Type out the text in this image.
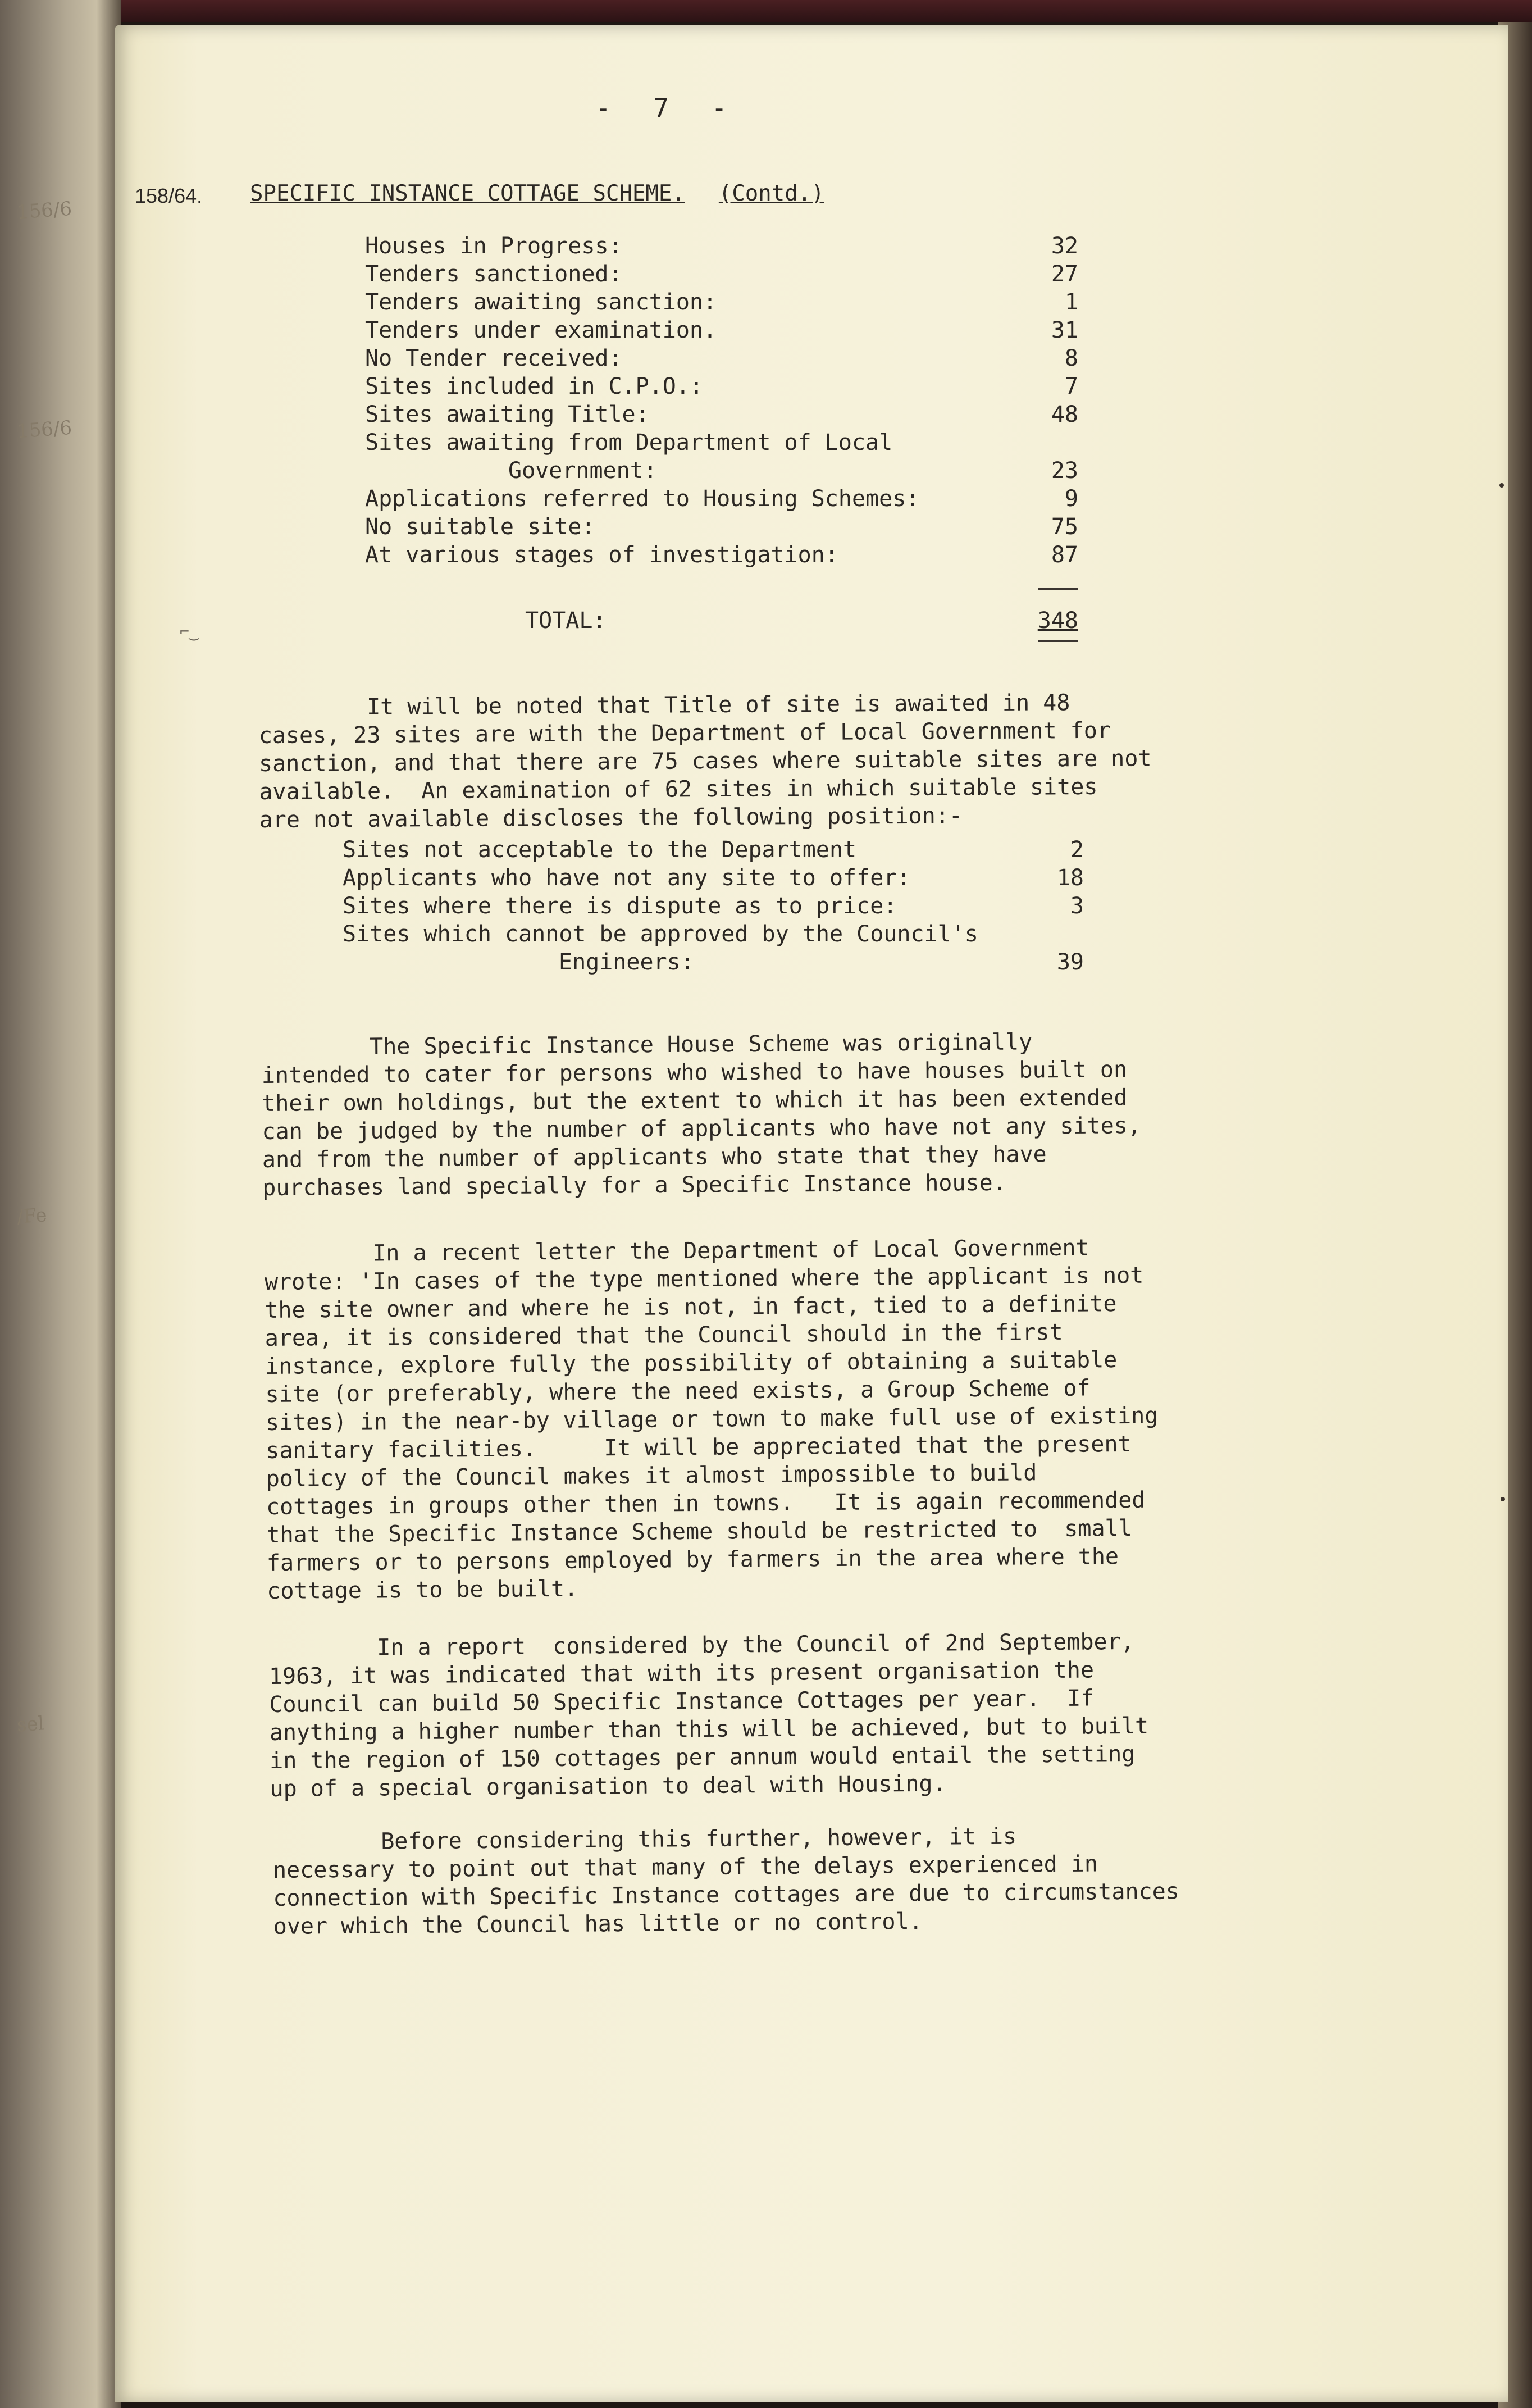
156/6
156/6
/Fe
sel
- 7 -
158/64. SPECIFIC INSTANCE COTTAGE SCHEME. (Contd.)
Houses in Progress:	32
Tenders sanctioned:	27
Tenders awaiting sanction:	1
Tenders under examination.	31
No Tender received:	8
Sites included in C.P.O.:	7
Sites awaiting Title:	48
Sites awaiting from Department of Local
Government:	23
Applications referred to Housing Schemes:	9
No suitable site:	75
At various stages of investigation:	87
TOTAL:	348
⌐‿

It will be noted that Title of site is awaited in 48
cases, 23 sites are with the Department of Local Government for
sanction, and that there are 75 cases where suitable sites are not
available.  An examination of 62 sites in which suitable sites
are not available discloses the following position:-

Sites not acceptable to the Department	2
Applicants who have not any site to offer:	18
Sites where there is dispute as to price:	3
Sites which cannot be approved by the Council's
Engineers:	39

The Specific Instance House Scheme was originally
intended to cater for persons who wished to have houses built on
their own holdings, but the extent to which it has been extended
can be judged by the number of applicants who have not any sites,
and from the number of applicants who state that they have
purchases land specially for a Specific Instance house.

In a recent letter the Department of Local Government
wrote: 'In cases of the type mentioned where the applicant is not
the site owner and where he is not, in fact, tied to a definite
area, it is considered that the Council should in the first
instance, explore fully the possibility of obtaining a suitable
site (or preferably, where the need exists, a Group Scheme of
sites) in the near-by village or town to make full use of existing
sanitary facilities.     It will be appreciated that the present
policy of the Council makes it almost impossible to build
cottages in groups other then in towns.   It is again recommended
that the Specific Instance Scheme should be restricted to  small
farmers or to persons employed by farmers in the area where the
cottage is to be built.

In a report  considered by the Council of 2nd September,
1963, it was indicated that with its present organisation the
Council can build 50 Specific Instance Cottages per year.  If
anything a higher number than this will be achieved, but to built
in the region of 150 cottages per annum would entail the setting
up of a special organisation to deal with Housing.

Before considering this further, however, it is
necessary to point out that many of the delays experienced in
connection with Specific Instance cottages are due to circumstances
over which the Council has little or no control.
